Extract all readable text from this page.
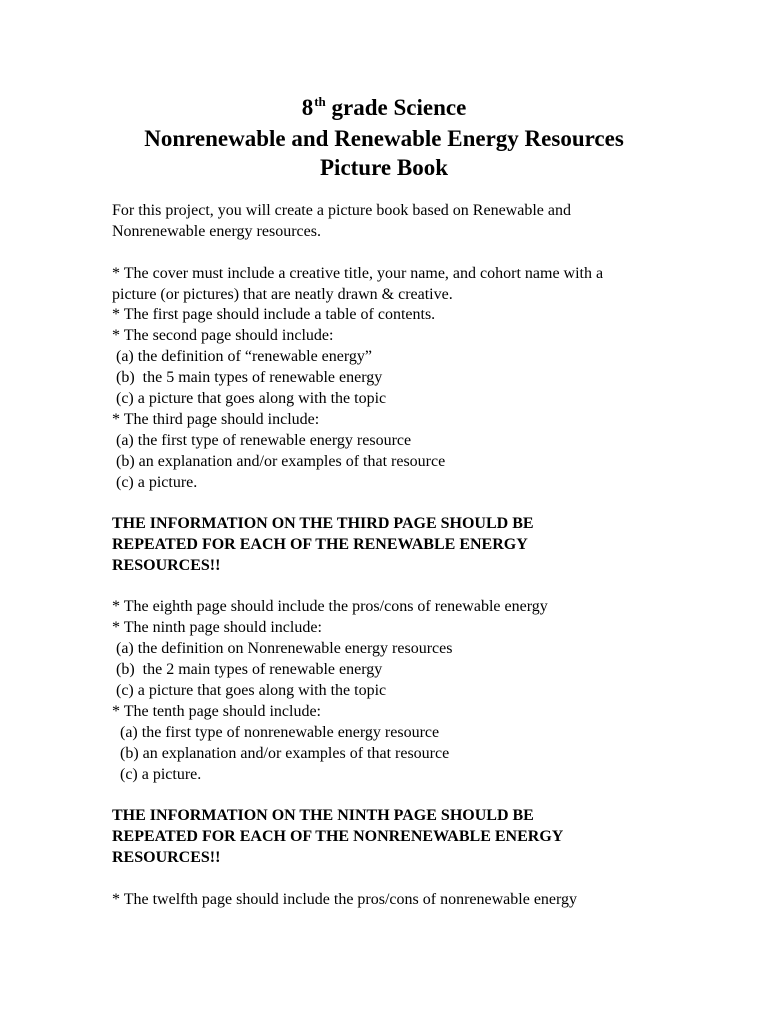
8th grade Science
Nonrenewable and Renewable Energy Resources
Picture Book
For this project, you will create a picture book based on Renewable and
Nonrenewable energy resources.
* The cover must include a creative title, your name, and cohort name with a
picture (or pictures) that are neatly drawn & creative.
* The first page should include a table of contents.
* The second page should include:
(a) the definition of “renewable energy”
(b)  the 5 main types of renewable energy
(c) a picture that goes along with the topic
* The third page should include:
(a) the first type of renewable energy resource
(b) an explanation and/or examples of that resource
(c) a picture.
THE INFORMATION ON THE THIRD PAGE SHOULD BE
REPEATED FOR EACH OF THE RENEWABLE ENERGY
RESOURCES!!
* The eighth page should include the pros/cons of renewable energy
* The ninth page should include:
(a) the definition on Nonrenewable energy resources
(b)  the 2 main types of renewable energy
(c) a picture that goes along with the topic
* The tenth page should include:
(a) the first type of nonrenewable energy resource
(b) an explanation and/or examples of that resource
(c) a picture.
THE INFORMATION ON THE NINTH PAGE SHOULD BE
REPEATED FOR EACH OF THE NONRENEWABLE ENERGY
RESOURCES!!
* The twelfth page should include the pros/cons of nonrenewable energy
